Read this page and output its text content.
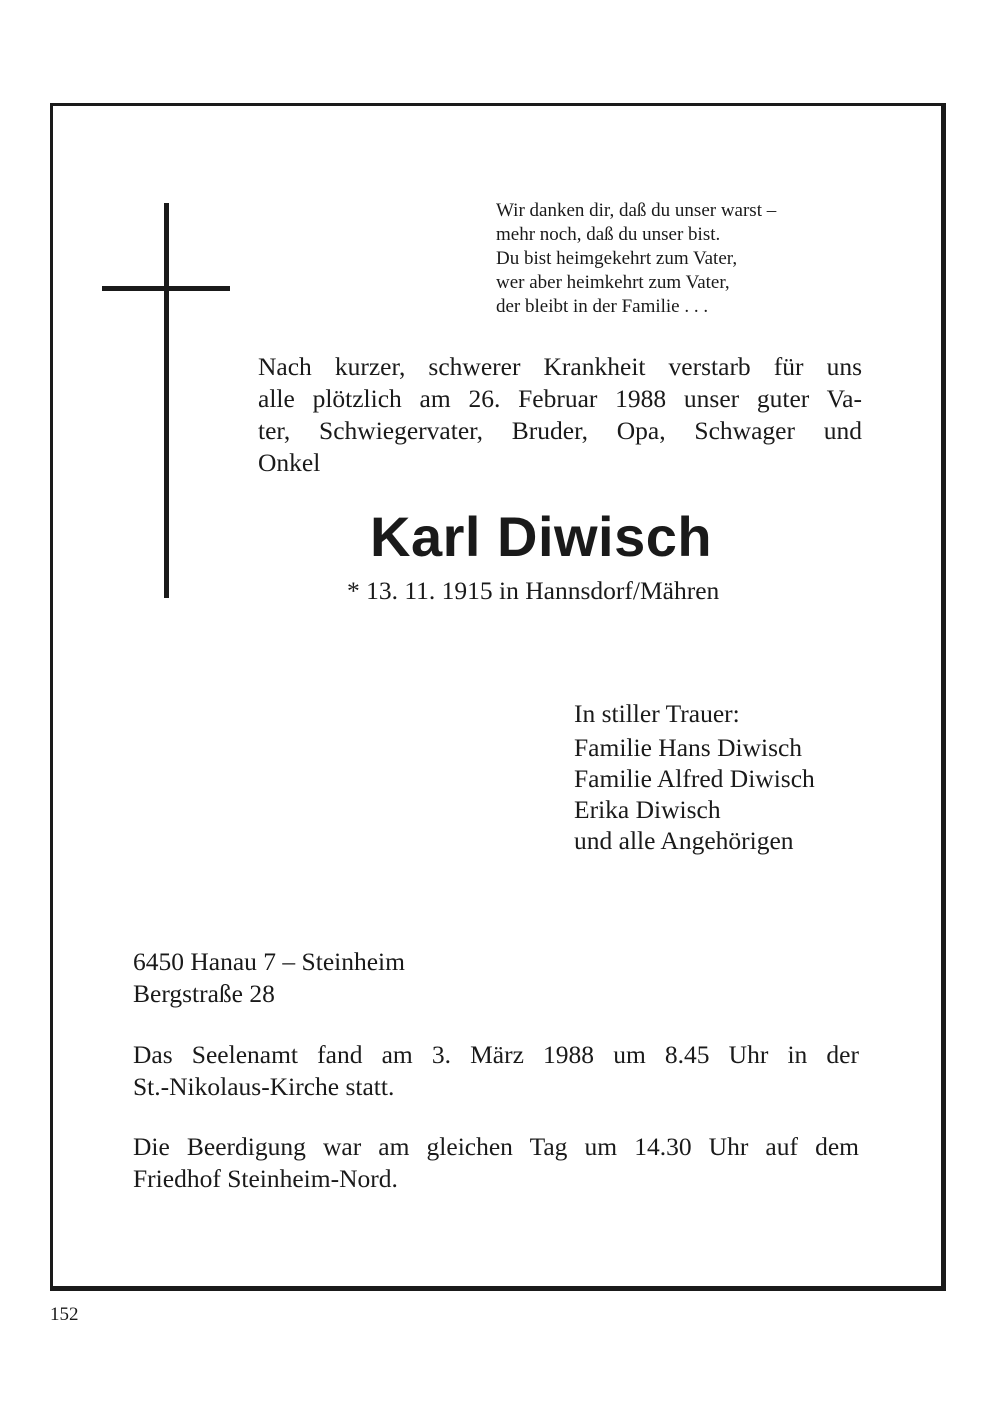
Wir danken dir, daß du unser warst –
mehr noch, daß du unser bist.
Du bist heimgekehrt zum Vater,
wer aber heimkehrt zum Vater,
der bleibt in der Familie . . .
Nach kurzer, schwerer Krankheit verstarb für uns
alle plötzlich am 26. Februar 1988 unser guter Va-
ter, Schwiegervater, Bruder, Opa, Schwager und
Onkel
Karl Diwisch
* 13. 11. 1915 in Hannsdorf/Mähren
In stiller Trauer:
Familie Hans Diwisch
Familie Alfred Diwisch
Erika Diwisch
und alle Angehörigen
6450 Hanau 7 – Steinheim
Bergstraße 28
Das Seelenamt fand am 3. März 1988 um 8.45 Uhr in der
St.-Nikolaus-Kirche statt.
Die Beerdigung war am gleichen Tag um 14.30 Uhr auf dem
Friedhof Steinheim-Nord.
152
